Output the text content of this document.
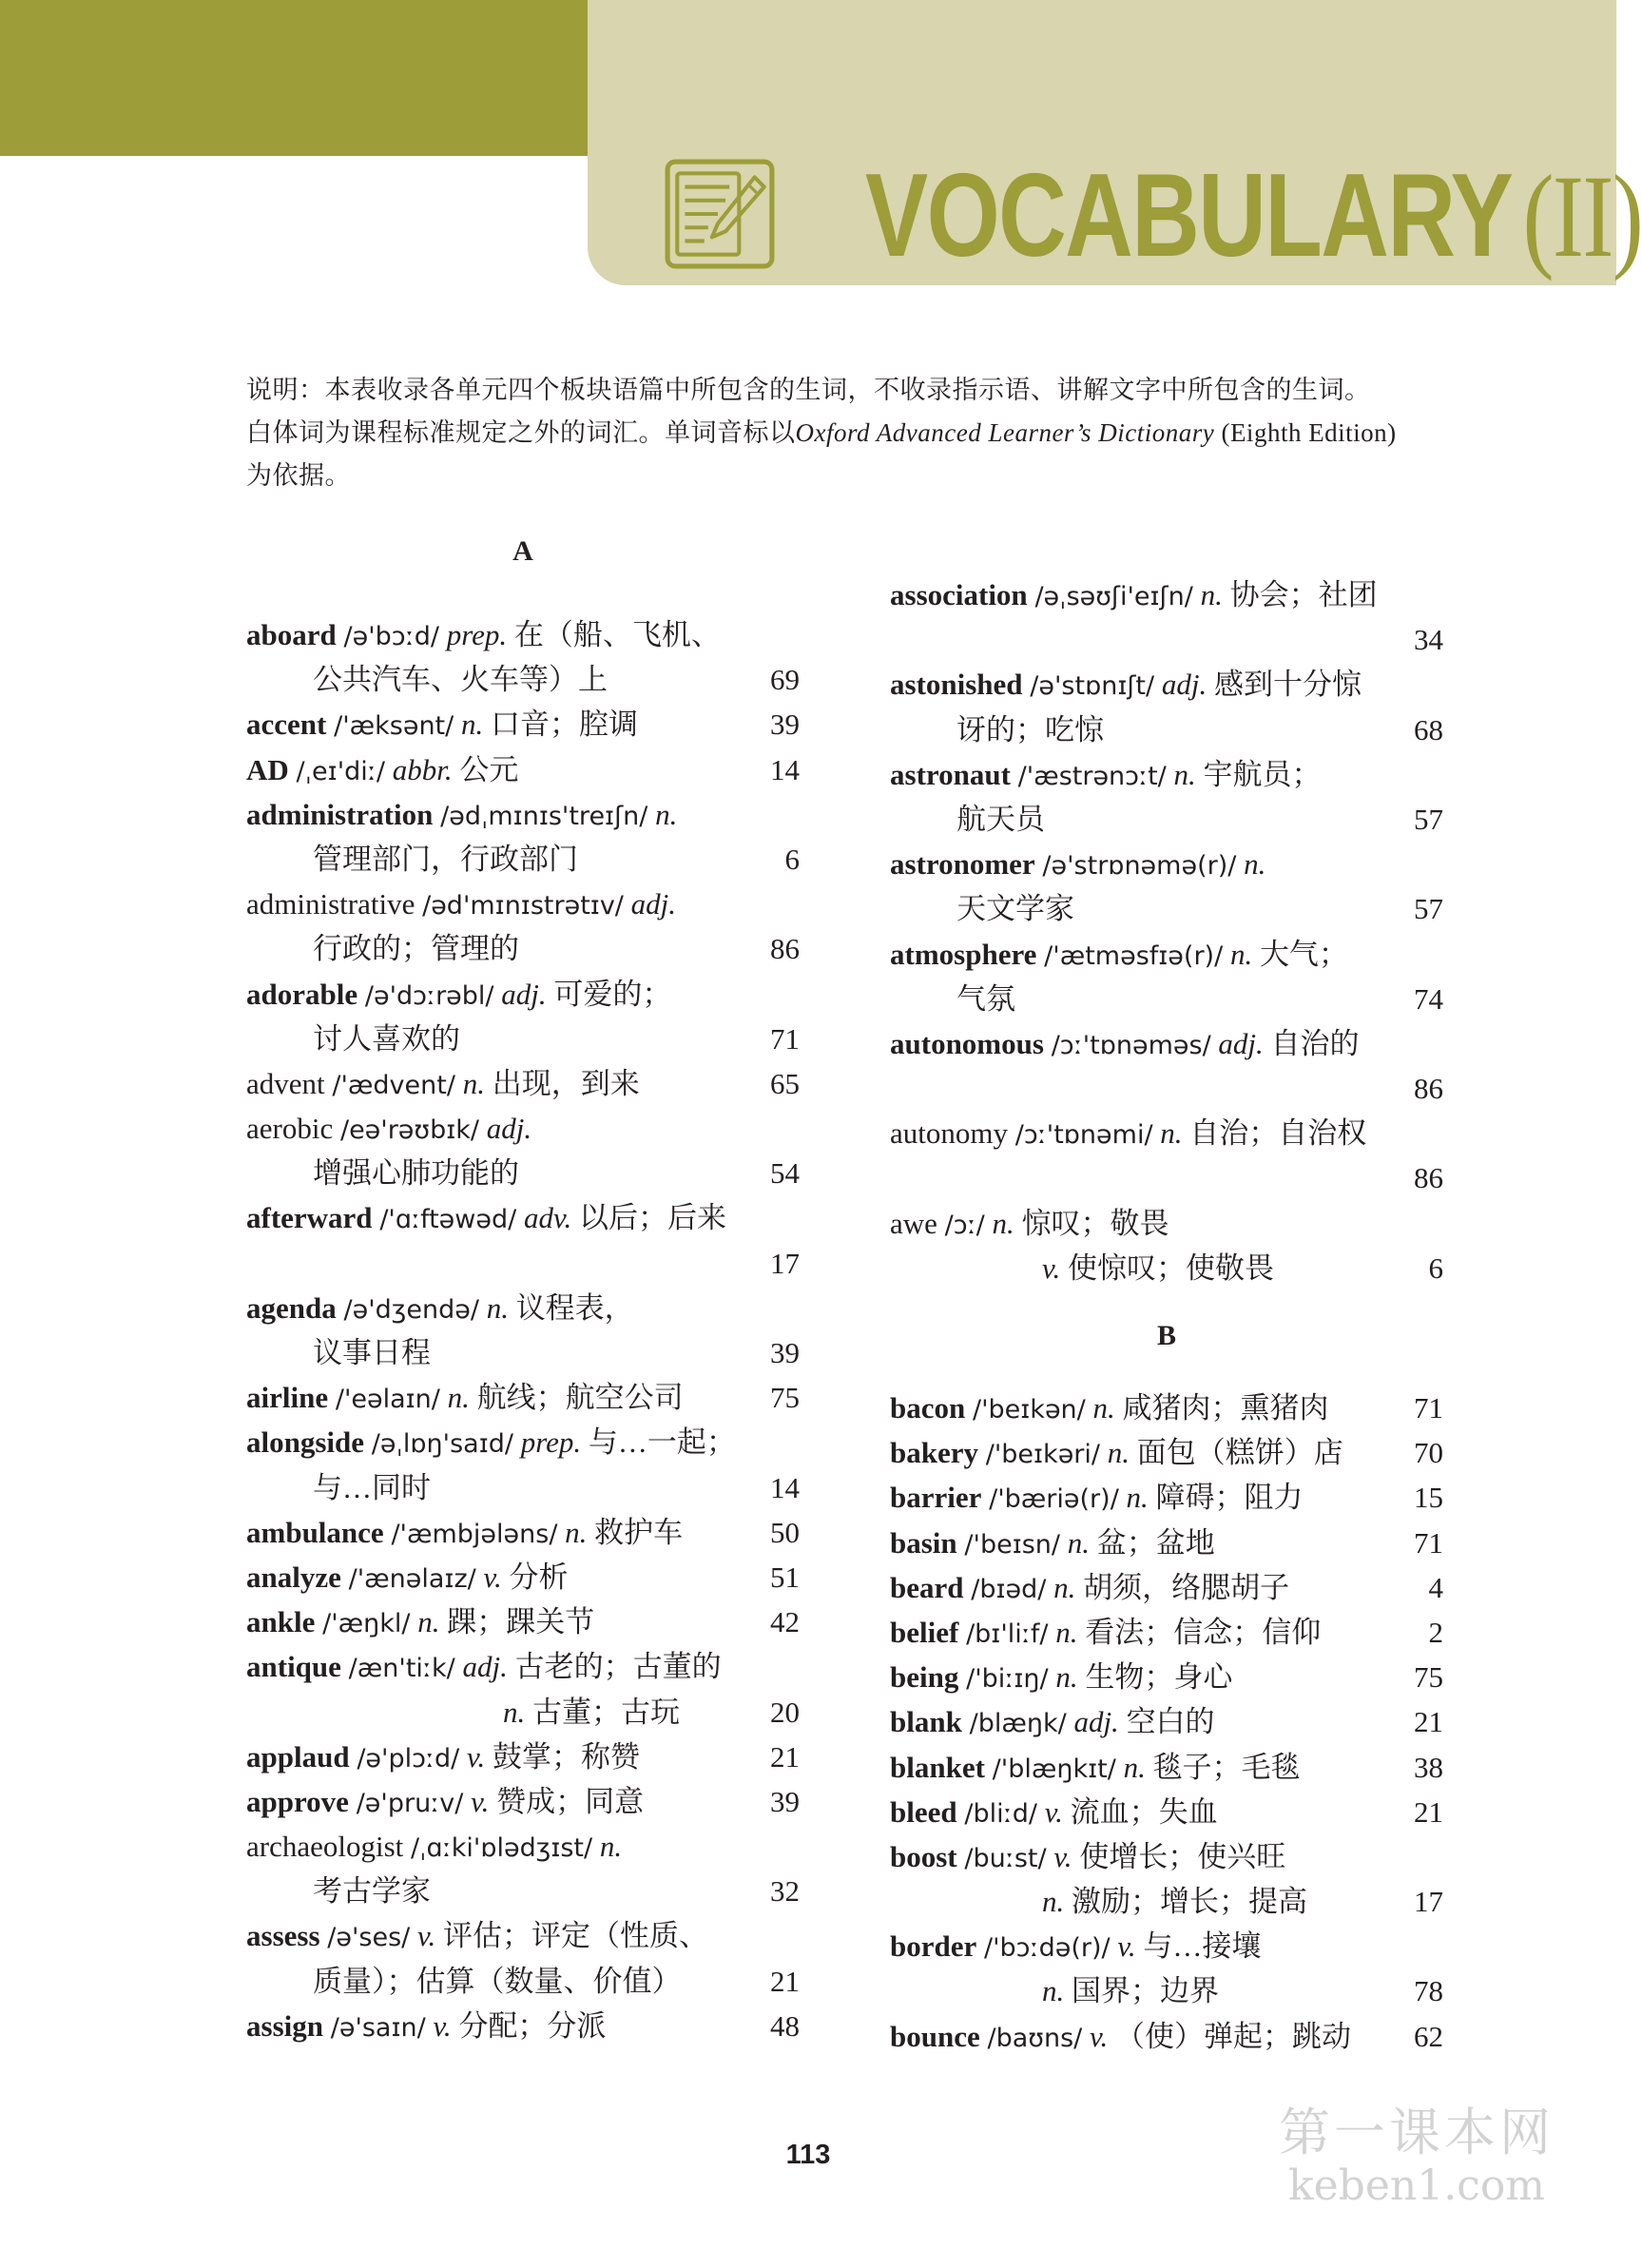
VOCABULARY(II)

说明：本表收录各单元四个板块语篇中所包含的生词，不收录指示语、讲解文字中所包含的生词。

白体词为课程标准规定之外的词汇。单词音标以Oxford Advanced Learner’s Dictionary (Eighth Edition)

为依据。

A
aboard /ə'bɔːd/ prep. 在（船、飞机、
公共汽车、火车等）上	69
accent /'æksənt/ n. 口音；腔调	39
AD /ˌeɪ'diː/ abbr. 公元	14
administration /ədˌmɪnɪs'treɪʃn/ n.
管理部门，行政部门	6
administrative /əd'mɪnɪstrətɪv/ adj.
行政的；管理的	86
adorable /ə'dɔːrəbl/ adj. 可爱的；
讨人喜欢的	71
advent /'ædvent/ n. 出现，到来	65
aerobic /eə'rəʊbɪk/ adj.
增强心肺功能的	54
afterward /'ɑːftəwəd/ adv. 以后；后来
17
agenda /ə'dʒendə/ n. 议程表，
议事日程	39
airline /'eəlaɪn/ n. 航线；航空公司	75
alongside /əˌlɒŋ'saɪd/ prep. 与…一起；
与…同时	14
ambulance /'æmbjələns/ n. 救护车	50
analyze /'ænəlaɪz/ v. 分析	51
ankle /'æŋkl/ n. 踝；踝关节	42
antique /æn'tiːk/ adj. 古老的；古董的
n. 古董；古玩	20
applaud /ə'plɔːd/ v. 鼓掌；称赞	21
approve /ə'pruːv/ v. 赞成；同意	39
archaeologist /ˌɑːki'ɒlədʒɪst/ n.
考古学家	32
assess /ə'ses/ v. 评估；评定（性质、
质量）；估算（数量、价值）	21
assign /ə'saɪn/ v. 分配；分派	48
association /əˌsəʊʃi'eɪʃn/ n. 协会；社团
34
astonished /ə'stɒnɪʃt/ adj. 感到十分惊
讶的；吃惊	68
astronaut /'æstrənɔːt/ n. 宇航员；
航天员	57
astronomer /ə'strɒnəmə(r)/ n.
天文学家	57
atmosphere /'ætməsfɪə(r)/ n. 大气；
气氛	74
autonomous /ɔː'tɒnəməs/ adj. 自治的
86
autonomy /ɔː'tɒnəmi/ n. 自治；自治权
86
awe /ɔː/ n. 惊叹；敬畏
v. 使惊叹；使敬畏	6
B
bacon /'beɪkən/ n. 咸猪肉；熏猪肉	71
bakery /'beɪkəri/ n. 面包（糕饼）店 70
barrier /'bæriə(r)/ n. 障碍；阻力	15
basin /'beɪsn/ n. 盆；盆地	71
beard /bɪəd/ n. 胡须，络腮胡子	4
belief /bɪ'liːf/ n. 看法；信念；信仰	2
being /'biːɪŋ/ n. 生物；身心	75
blank /blæŋk/ adj. 空白的	21
blanket /'blæŋkɪt/ n. 毯子；毛毯	38
bleed /bliːd/ v. 流血；失血	21
boost /buːst/ v. 使增长；使兴旺
n. 激励；增长；提高	17
border /'bɔːdə(r)/ v. 与…接壤
n. 国界；边界	78
bounce /baʊns/ v. （使）弹起；跳动 62
113	第一课本网
keben1.com
